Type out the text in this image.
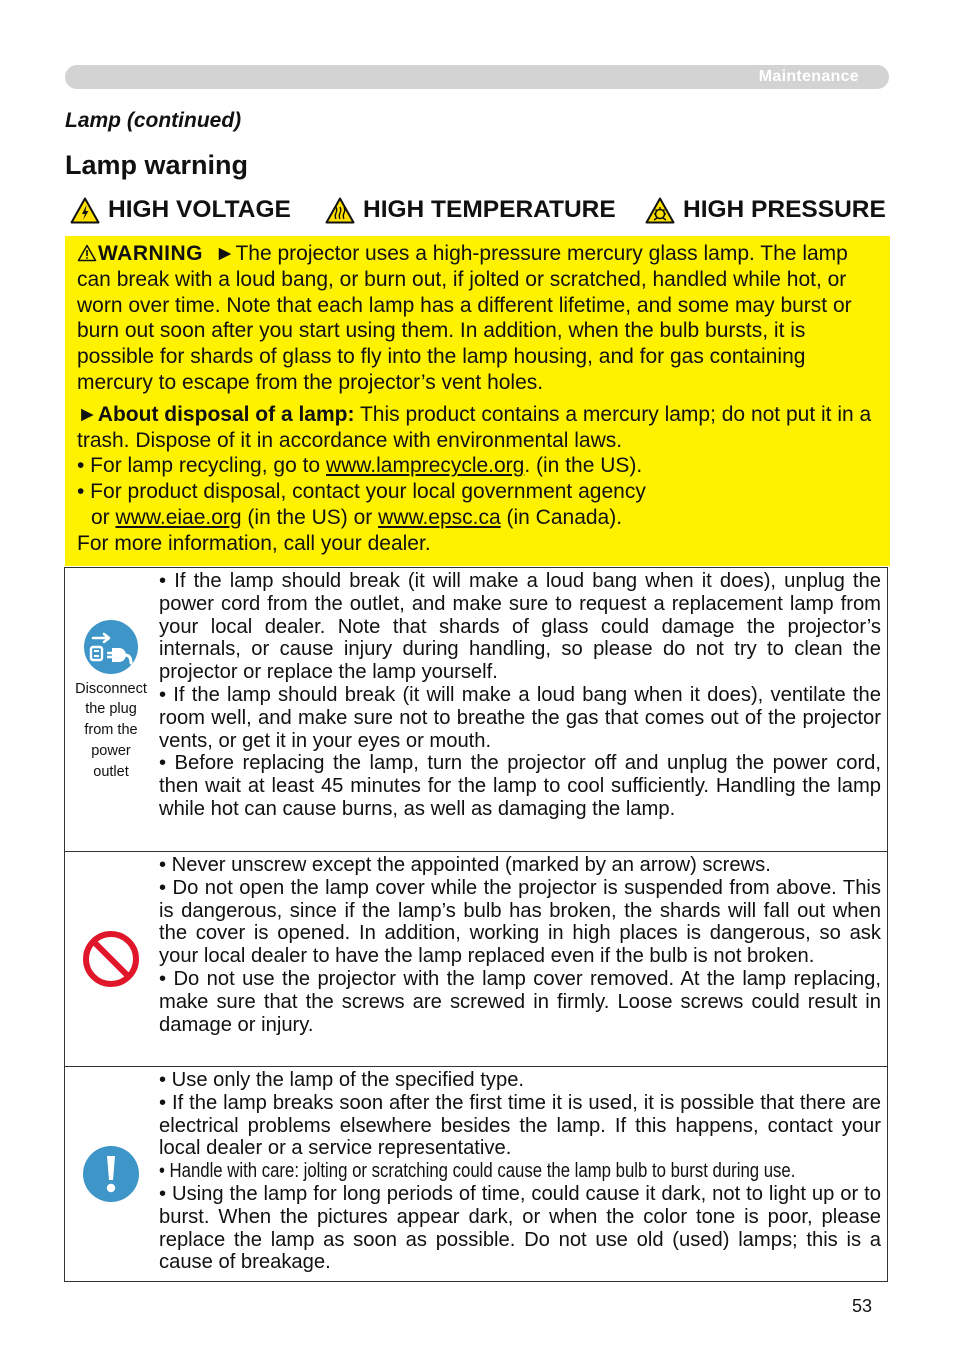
Maintenance
Lamp (continued)
Lamp warning
HIGH VOLTAGE	HIGH TEMPERATURE	HIGH PRESSURE

WARNING ►The projector uses a high-pressure mercury glass lamp. The lamp can break with a loud bang, or burn out, if jolted or scratched, handled while hot, or worn over time. Note that each lamp has a different lifetime, and some may burst or burn out soon after you start using them. In addition, when the bulb bursts, it is possible for shards of glass to fly into the lamp housing, and for gas containing mercury to escape from the projector’s vent holes.

►About disposal of a lamp: This product contains a mercury lamp; do not put it in a trash. Dispose of it in accordance with environmental laws.

• For lamp recycling, go to www.lamprecycle.org. (in the US).

• For product disposal, contact your local government agency

or www.eiae.org (in the US) or www.epsc.ca (in Canada).

For more information, call your dealer.

Disconnect
the plug
from the
power
outlet

• If the lamp should break (it will make a loud bang when it does), unplug the power cord from the outlet, and make sure to request a replacement lamp from your local dealer. Note that shards of glass could damage the projector’s internals, or cause injury during handling, so please do not try to clean the projector or replace the lamp yourself.

• If the lamp should break (it will make a loud bang when it does), ventilate the room well, and make sure not to breathe the gas that comes out of the projector vents, or get it in your eyes or mouth.

• Before replacing the lamp, turn the projector off and unplug the power cord, then wait at least 45 minutes for the lamp to cool sufficiently. Handling the lamp while hot can cause burns, as well as damaging the lamp.

• Never unscrew except the appointed (marked by an arrow) screws.

• Do not open the lamp cover while the projector is suspended from above. This is dangerous, since if the lamp’s bulb has broken, the shards will fall out when the cover is opened. In addition, working in high places is dangerous, so ask your local dealer to have the lamp replaced even if the bulb is not broken.

• Do not use the projector with the lamp cover removed. At the lamp replacing, make sure that the screws are screwed in firmly. Loose screws could result in damage or injury.

• Use only the lamp of the specified type.

• If the lamp breaks soon after the first time it is used, it is possible that there are electrical problems elsewhere besides the lamp. If this happens, contact your local dealer or a service representative.

• Handle with care: jolting or scratching could cause the lamp bulb to burst during use.

• Using the lamp for long periods of time, could cause it dark, not to light up or to burst. When the pictures appear dark, or when the color tone is poor, please replace the lamp as soon as possible. Do not use old (used) lamps; this is a cause of breakage.

53
